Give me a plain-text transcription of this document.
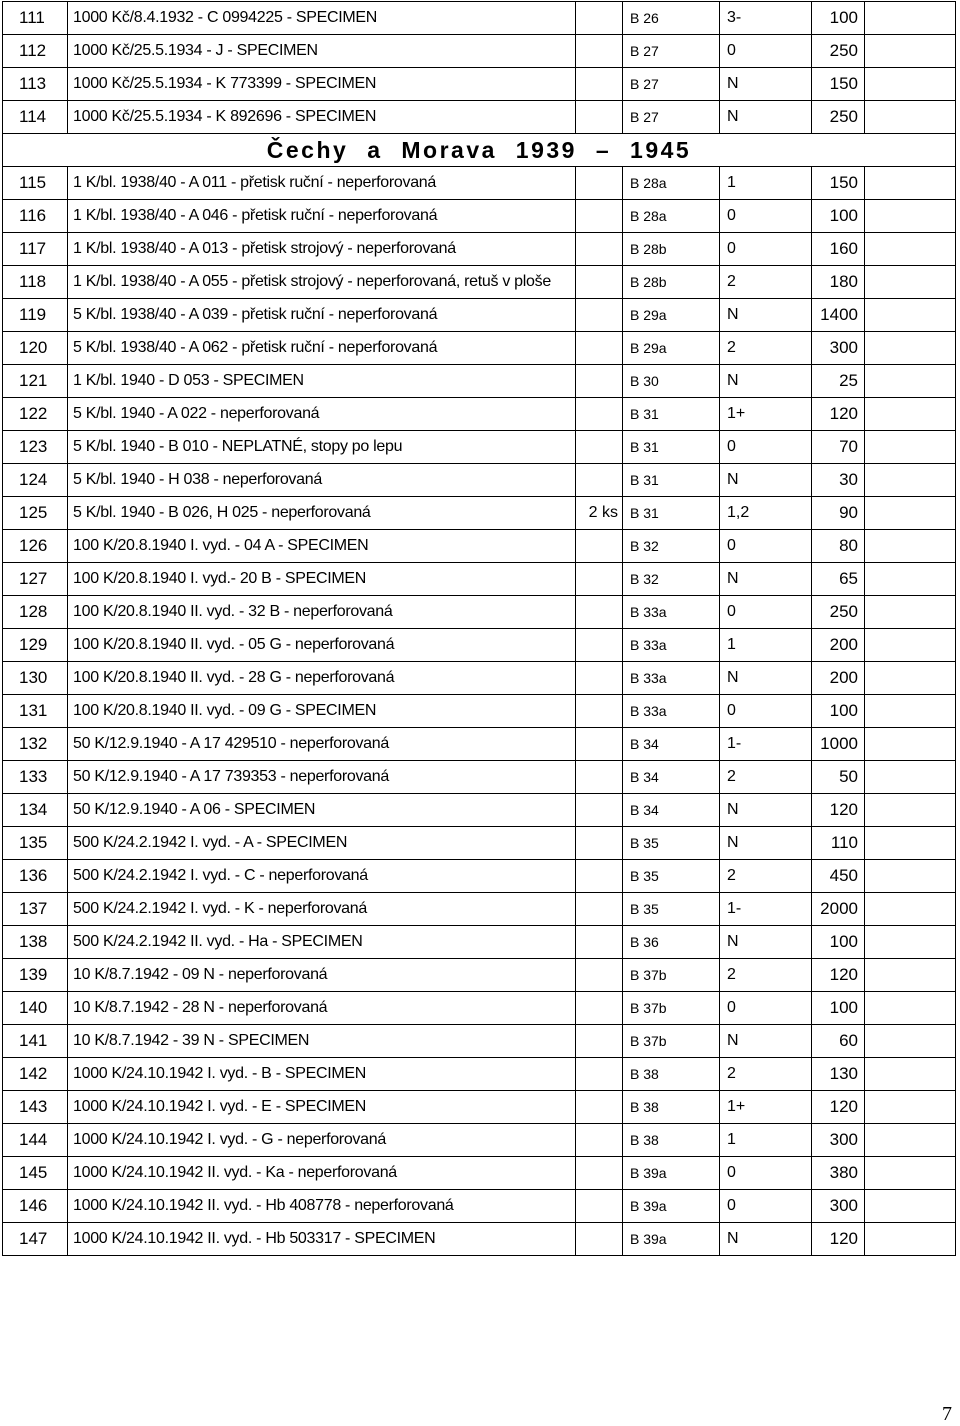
111	1000 Kč/8.4.1932 - C 0994225 - SPECIMEN		B 26	3-	100	
112	1000 Kč/25.5.1934 - J - SPECIMEN		B 27	0	250	
113	1000 Kč/25.5.1934 - K 773399 - SPECIMEN		B 27	N	150	
114	1000 Kč/25.5.1934 - K 892696 - SPECIMEN		B 27	N	250	
Čechy a Morava 1939 – 1945						
115	1 K/bl. 1938/40 - A 011 - přetisk ruční - neperforovaná		B 28a	1	150	
116	1 K/bl. 1938/40 - A 046 - přetisk ruční - neperforovaná		B 28a	0	100	
117	1 K/bl. 1938/40 - A 013 - přetisk strojový - neperforovaná		B 28b	0	160	
118	1 K/bl. 1938/40 - A 055 - přetisk strojový - neperforovaná, retuš v ploše		B 28b	2	180	
119	5 K/bl. 1938/40 - A 039 - přetisk ruční - neperforovaná		B 29a	N	1400	
120	5 K/bl. 1938/40 - A 062 - přetisk ruční - neperforovaná		B 29a	2	300	
121	1 K/bl. 1940 - D 053 - SPECIMEN		B 30	N	25	
122	5 K/bl. 1940 - A 022 - neperforovaná		B 31	1+	120	
123	5 K/bl. 1940 - B 010 - NEPLATNÉ, stopy po lepu		B 31	0	70	
124	5 K/bl. 1940 - H 038 - neperforovaná		B 31	N	30	
125	5 K/bl. 1940 - B 026, H 025 - neperforovaná	2 ks	B 31	1,2	90	
126	100 K/20.8.1940 I. vyd. - 04 A - SPECIMEN		B 32	0	80	
127	100 K/20.8.1940 I. vyd.- 20 B - SPECIMEN		B 32	N	65	
128	100 K/20.8.1940 II. vyd. - 32 B - neperforovaná		B 33a	0	250	
129	100 K/20.8.1940 II. vyd. - 05 G - neperforovaná		B 33a	1	200	
130	100 K/20.8.1940 II. vyd. - 28 G - neperforovaná		B 33a	N	200	
131	100 K/20.8.1940 II. vyd. - 09 G - SPECIMEN		B 33a	0	100	
132	50 K/12.9.1940 - A 17 429510 - neperforovaná		B 34	1-	1000	
133	50 K/12.9.1940 - A 17 739353 - neperforovaná		B 34	2	50	
134	50 K/12.9.1940 - A 06 - SPECIMEN		B 34	N	120	
135	500 K/24.2.1942 I. vyd. - A - SPECIMEN		B 35	N	110	
136	500 K/24.2.1942 I. vyd. - C - neperforovaná		B 35	2	450	
137	500 K/24.2.1942 I. vyd. - K - neperforovaná		B 35	1-	2000	
138	500 K/24.2.1942 II. vyd. - Ha - SPECIMEN		B 36	N	100	
139	10 K/8.7.1942 - 09 N - neperforovaná		B 37b	2	120	
140	10 K/8.7.1942 - 28 N - neperforovaná		B 37b	0	100	
141	10 K/8.7.1942 - 39 N - SPECIMEN		B 37b	N	60	
142	1000 K/24.10.1942 I. vyd. - B - SPECIMEN		B 38	2	130	
143	1000 K/24.10.1942 I. vyd. - E - SPECIMEN		B 38	1+	120	
144	1000 K/24.10.1942 I. vyd. - G - neperforovaná		B 38	1	300	
145	1000 K/24.10.1942 II. vyd. - Ka - neperforovaná		B 39a	0	380	
146	1000 K/24.10.1942 II. vyd. - Hb 408778 - neperforovaná		B 39a	0	300	
147	1000 K/24.10.1942 II. vyd. - Hb 503317 - SPECIMEN		B 39a	N	120	
7
